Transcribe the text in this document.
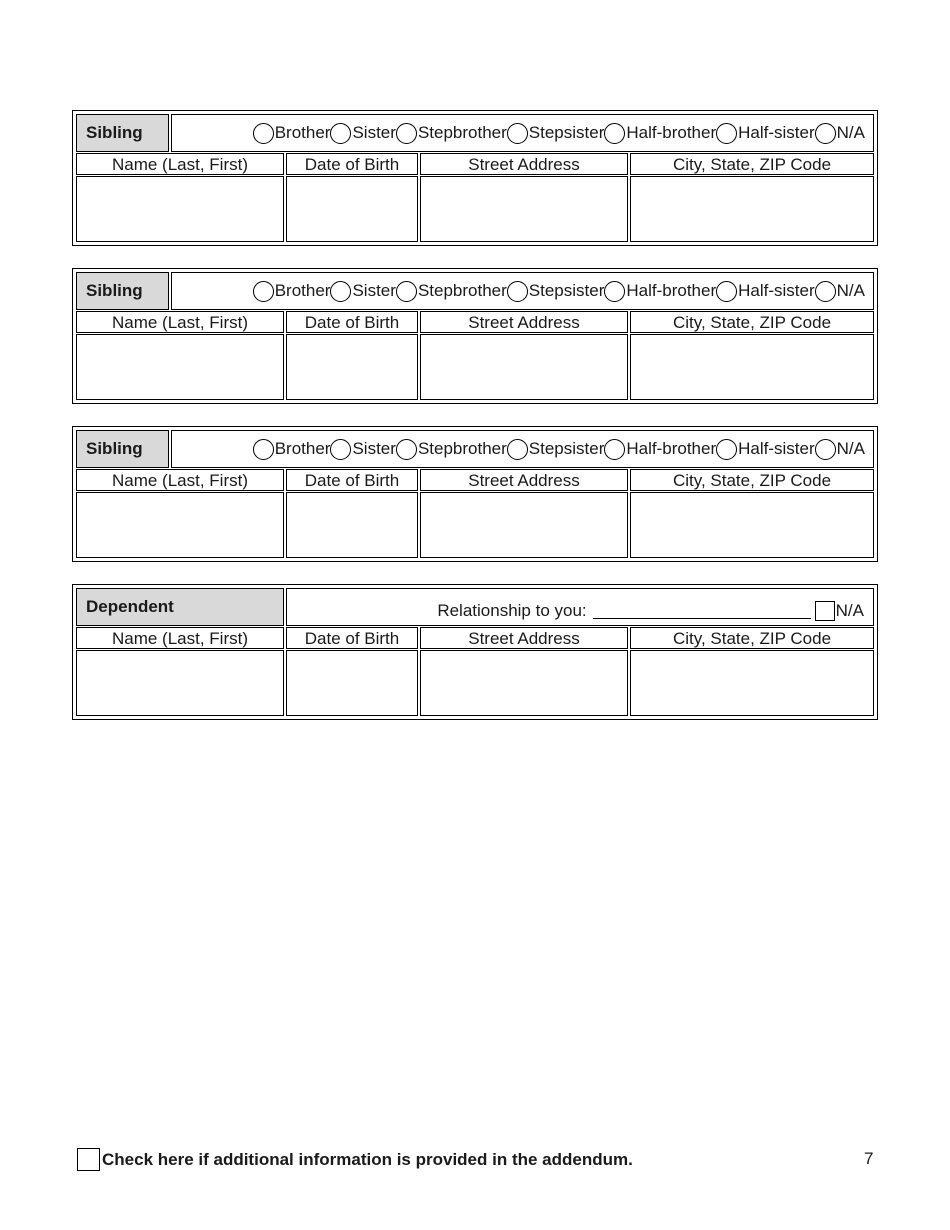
Sibling	Brother Sister Stepbrother Stepsister Half-brother Half-sister N/A
Name (Last, First)	Date of Birth	Street Address	City, State, ZIP Code
Sibling	Brother Sister Stepbrother Stepsister Half-brother Half-sister N/A
Name (Last, First)	Date of Birth	Street Address	City, State, ZIP Code
Sibling	Brother Sister Stepbrother Stepsister Half-brother Half-sister N/A
Name (Last, First)	Date of Birth	Street Address	City, State, ZIP Code
Dependent	Relationship to you:	N/A
Name (Last, First)	Date of Birth	Street Address	City, State, ZIP Code
Check here if additional information is provided in the addendum.	7
